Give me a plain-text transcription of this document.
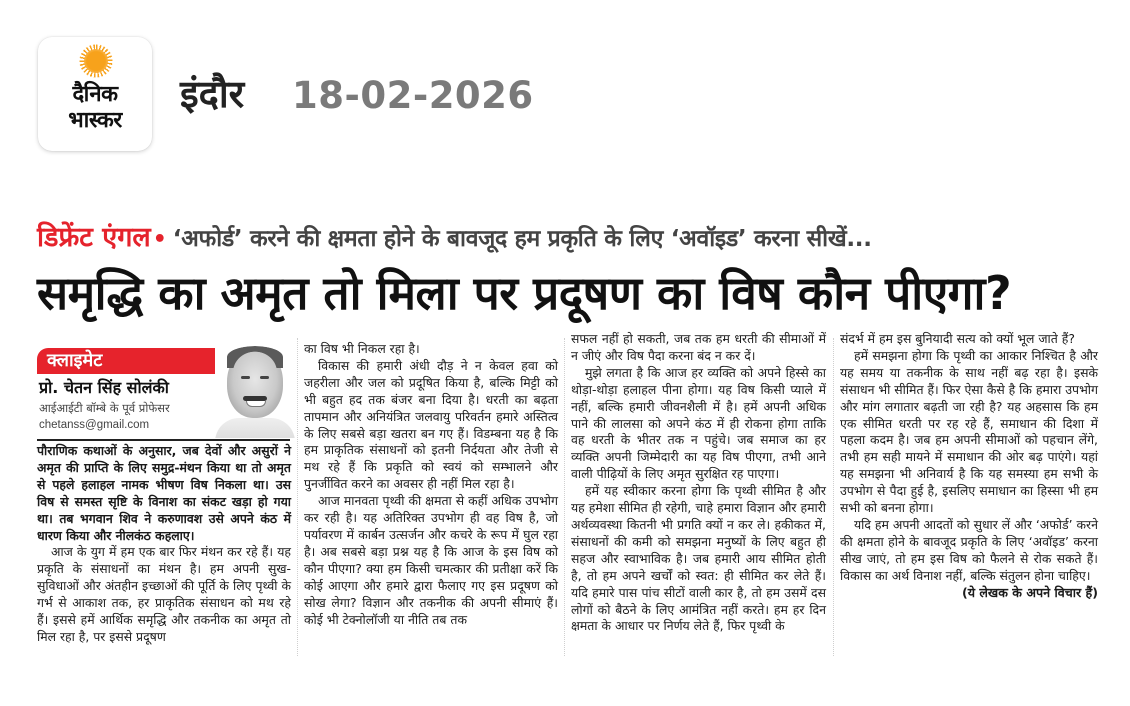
दैनिक
भास्कर
इंदौर 18-02-2026
डिफ्रेंट एंगल• ‘अफोर्ड’ करने की क्षमता होने के बावजूद हम प्रकृति के लिए ‘अवॉइड’ करना सीखें...
समृद्धि का अमृत तो मिला पर प्रदूषण का विष कौन पीएगा?
क्लाइमेट
प्रो. चेतन सिंह सोलंकी
आईआईटी बॉम्बे के पूर्व प्रोफेसर
chetanss@gmail.com

पौराणिक कथाओं के अनुसार, जब देवों और असुरों ने अमृत की प्राप्ति के लिए समुद्र-मंथन किया था तो अमृत से पहले हलाहल नामक भीषण विष निकला था। उस विष से समस्त सृष्टि के विनाश का संकट खड़ा हो गया था। तब भगवान शिव ने करुणावश उसे अपने कंठ में धारण किया और नीलकंठ कहलाए।

आज के युग में हम एक बार फिर मंथन कर रहे हैं। यह प्रकृति के संसाधनों का मंथन है। हम अपनी सुख-सुविधाओं और अंतहीन इच्छाओं की पूर्ति के लिए पृथ्वी के गर्भ से आकाश तक, हर प्राकृतिक संसाधन को मथ रहे हैं। इससे हमें आर्थिक समृद्धि और तकनीक का अमृत तो मिल रहा है, पर इससे प्रदूषण

का विष भी निकल रहा है।

विकास की हमारी अंधी दौड़ ने न केवल हवा को जहरीला और जल को प्रदूषित किया है, बल्कि मिट्टी को भी बहुत हद तक बंजर बना दिया है। धरती का बढ़ता तापमान और अनियंत्रित जलवायु परिवर्तन हमारे अस्तित्व के लिए सबसे बड़ा खतरा बन गए हैं। विडम्बना यह है कि हम प्राकृतिक संसाधनों को इतनी निर्दयता और तेजी से मथ रहे हैं कि प्रकृति को स्वयं को सम्भालने और पुनर्जीवित करने का अवसर ही नहीं मिल रहा है।

आज मानवता पृथ्वी की क्षमता से कहीं अधिक उपभोग कर रही है। यह अतिरिक्त उपभोग ही वह विष है, जो पर्यावरण में कार्बन उत्सर्जन और कचरे के रूप में घुल रहा है। अब सबसे बड़ा प्रश्न यह है कि आज के इस विष को कौन पीएगा? क्या हम किसी चमत्कार की प्रतीक्षा करें कि कोई आएगा और हमारे द्वारा फैलाए गए इस प्रदूषण को सोख लेगा? विज्ञान और तकनीक की अपनी सीमाएं हैं। कोई भी टेक्नोलॉजी या नीति तब तक

सफल नहीं हो सकती, जब तक हम धरती की सीमाओं में न जीएं और विष पैदा करना बंद न कर दें।

मुझे लगता है कि आज हर व्यक्ति को अपने हिस्से का थोड़ा-थोड़ा हलाहल पीना होगा। यह विष किसी प्याले में नहीं, बल्कि हमारी जीवनशैली में है। हमें अपनी अधिक पाने की लालसा को अपने कंठ में ही रोकना होगा ताकि वह धरती के भीतर तक न पहुंचे। जब समाज का हर व्यक्ति अपनी जिम्मेदारी का यह विष पीएगा, तभी आने वाली पीढ़ियों के लिए अमृत सुरक्षित रह पाएगा।

हमें यह स्वीकार करना होगा कि पृथ्वी सीमित है और यह हमेशा सीमित ही रहेगी, चाहे हमारा विज्ञान और हमारी अर्थव्यवस्था कितनी भी प्रगति क्यों न कर ले। हकीकत में, संसाधनों की कमी को समझना मनुष्यों के लिए बहुत ही सहज और स्वाभाविक है। जब हमारी आय सीमित होती है, तो हम अपने खर्चों को स्वत: ही सीमित कर लेते हैं। यदि हमारे पास पांच सीटों वाली कार है, तो हम उसमें दस लोगों को बैठने के लिए आमंत्रित नहीं करते। हम हर दिन क्षमता के आधार पर निर्णय लेते हैं, फिर पृथ्वी के

संदर्भ में हम इस बुनियादी सत्य को क्यों भूल जाते हैं?

हमें समझना होगा कि पृथ्वी का आकार निश्चित है और यह समय या तकनीक के साथ नहीं बढ़ रहा है। इसके संसाधन भी सीमित हैं। फिर ऐसा कैसे है कि हमारा उपभोग और मांग लगातार बढ़ती जा रही है? यह अहसास कि हम एक सीमित धरती पर रह रहे हैं, समाधान की दिशा में पहला कदम है। जब हम अपनी सीमाओं को पहचान लेंगे, तभी हम सही मायने में समाधान की ओर बढ़ पाएंगे। यहां यह समझना भी अनिवार्य है कि यह समस्या हम सभी के उपभोग से पैदा हुई है, इसलिए समाधान का हिस्सा भी हम सभी को बनना होगा।

यदि हम अपनी आदतों को सुधार लें और ‘अफोर्ड’ करने की क्षमता होने के बावजूद प्रकृति के लिए ‘अवॉइड’ करना सीख जाएं, तो हम इस विष को फैलने से रोक सकते हैं। विकास का अर्थ विनाश नहीं, बल्कि संतुलन होना चाहिए।

(ये लेखक के अपने विचार हैं)
